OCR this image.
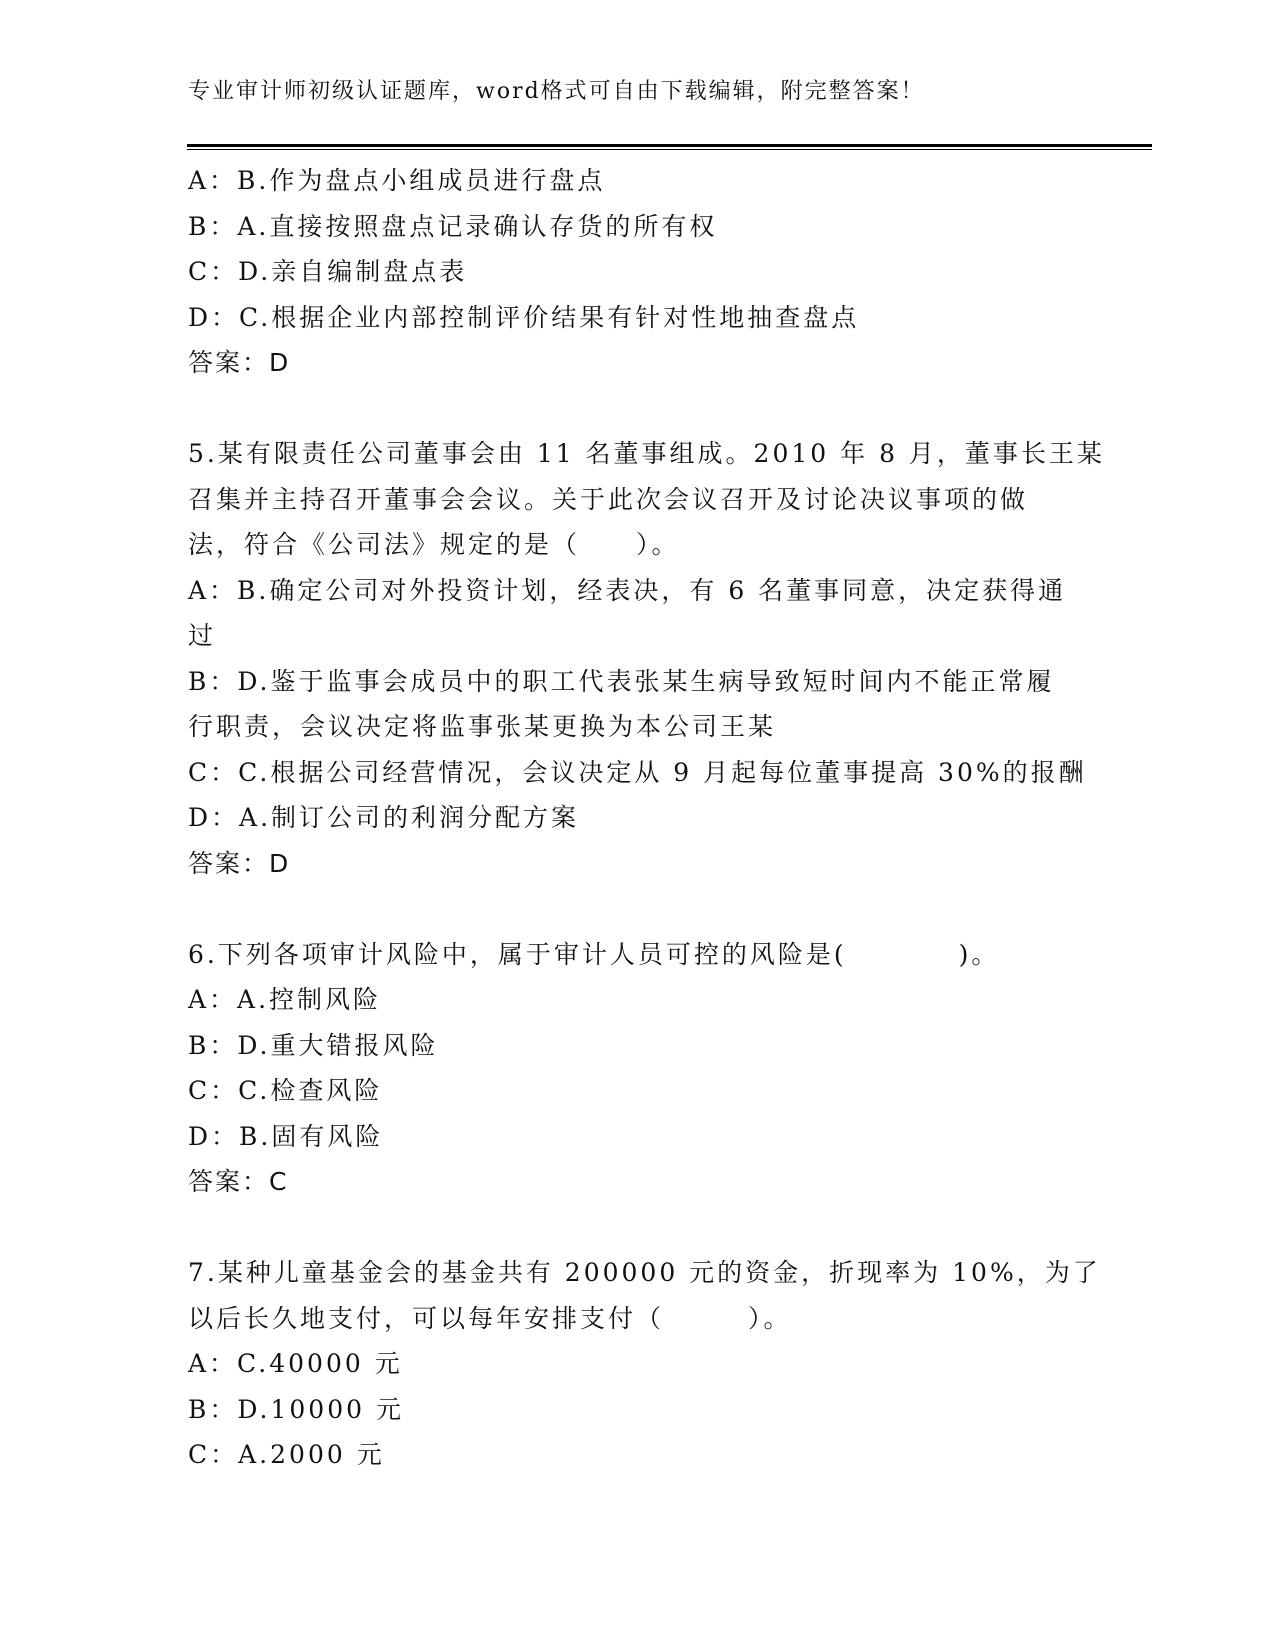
专业审计师初级认证题库，word格式可自由下载编辑，附完整答案！
A：B.作为盘点小组成员进行盘点
B：A.直接按照盘点记录确认存货的所有权
C：D.亲自编制盘点表
D：C.根据企业内部控制评价结果有针对性地抽查盘点
答案：D
5.某有限责任公司董事会由 11 名董事组成。2010 年 8 月，董事长王某
召集并主持召开董事会会议。关于此次会议召开及讨论决议事项的做
法，符合《公司法》规定的是（　　）。
A：B.确定公司对外投资计划，经表决，有 6 名董事同意，决定获得通
过
B：D.鉴于监事会成员中的职工代表张某生病导致短时间内不能正常履
行职责，会议决定将监事张某更换为本公司王某
C：C.根据公司经营情况，会议决定从 9 月起每位董事提高 30%的报酬
D：A.制订公司的利润分配方案
答案：D
6.下列各项审计风险中，属于审计人员可控的风险是(　　　　)。
A：A.控制风险
B：D.重大错报风险
C：C.检查风险
D：B.固有风险
答案：C
7.某种儿童基金会的基金共有 200000 元的资金，折现率为 10%，为了
以后长久地支付，可以每年安排支付（　　　）。
A：C.40000 元
B：D.10000 元
C：A.2000 元
